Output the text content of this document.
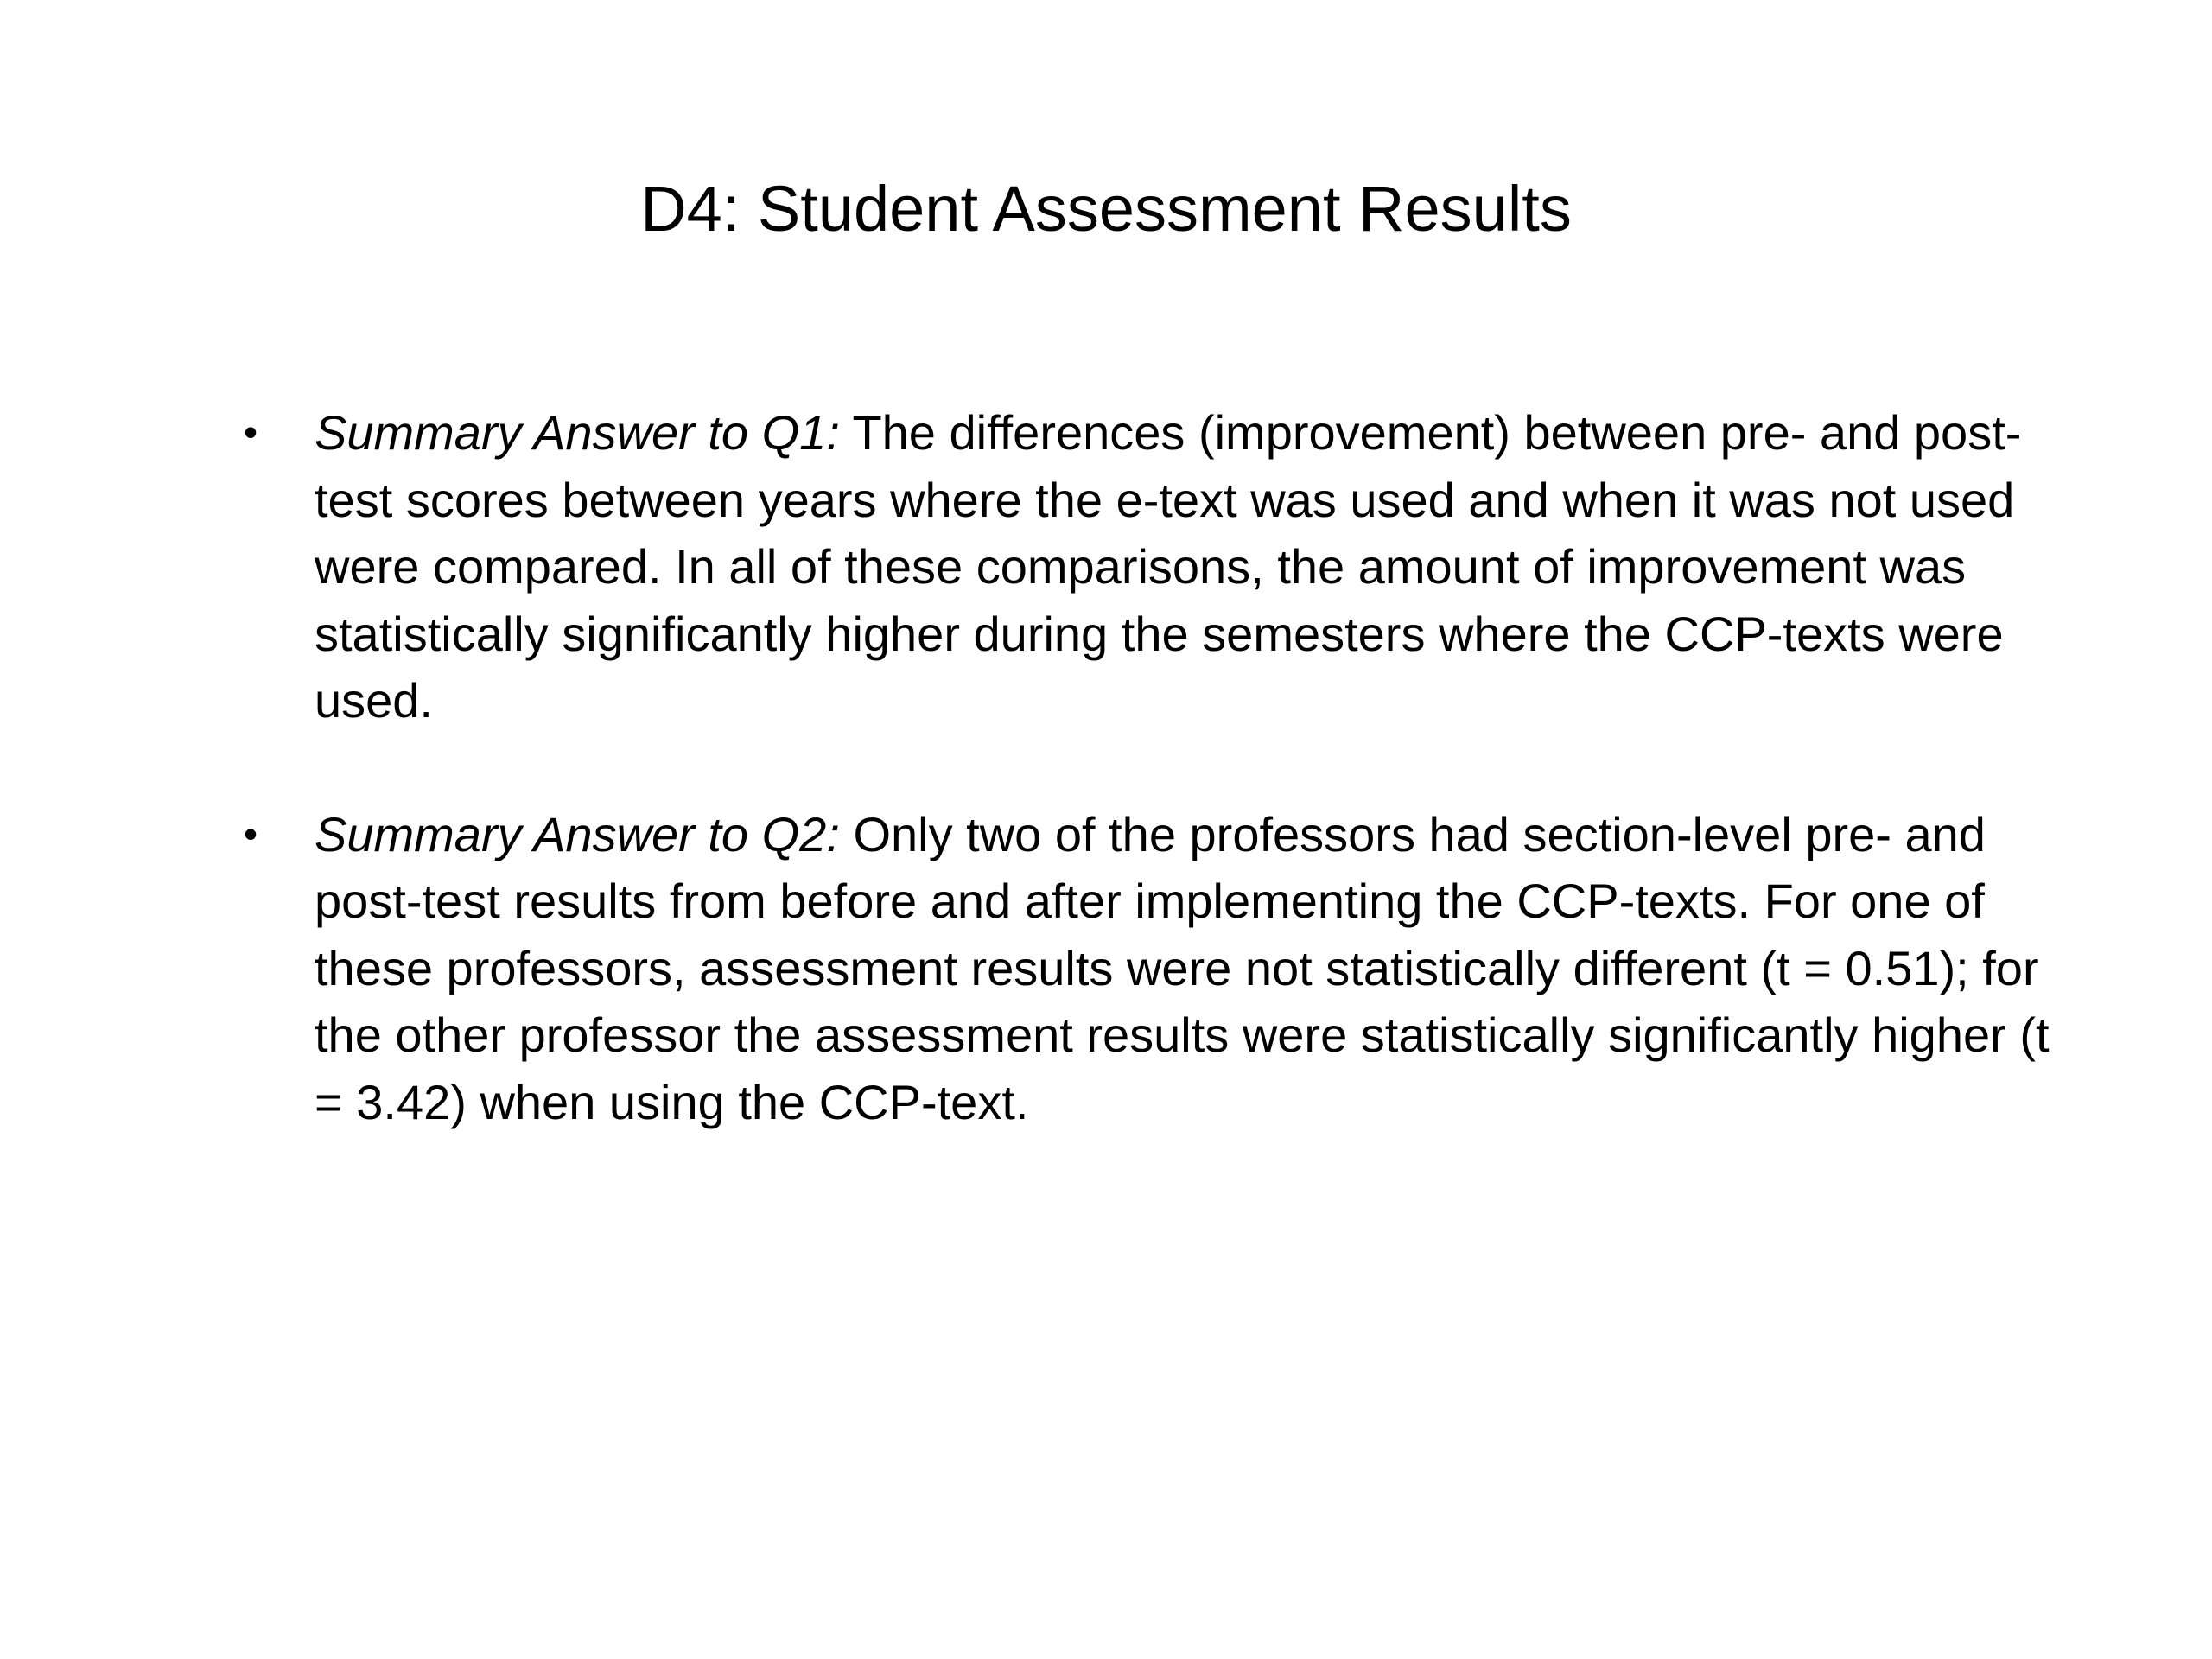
D4: Student Assessment Results
• Summary Answer to Q1: The differences (improvement) between pre- and post-test scores between years where the e-text was used and when it was not used were compared. In all of these comparisons, the amount of improvement was statistically significantly higher during the semesters where the CCP-texts were used.
• Summary Answer to Q2: Only two of the professors had section-level pre- and post-test results from before and after implementing the CCP-texts. For one of these professors, assessment results were not statistically different (t = 0.51); for the other professor the assessment results were statistically significantly higher (t = 3.42) when using the CCP-text.
